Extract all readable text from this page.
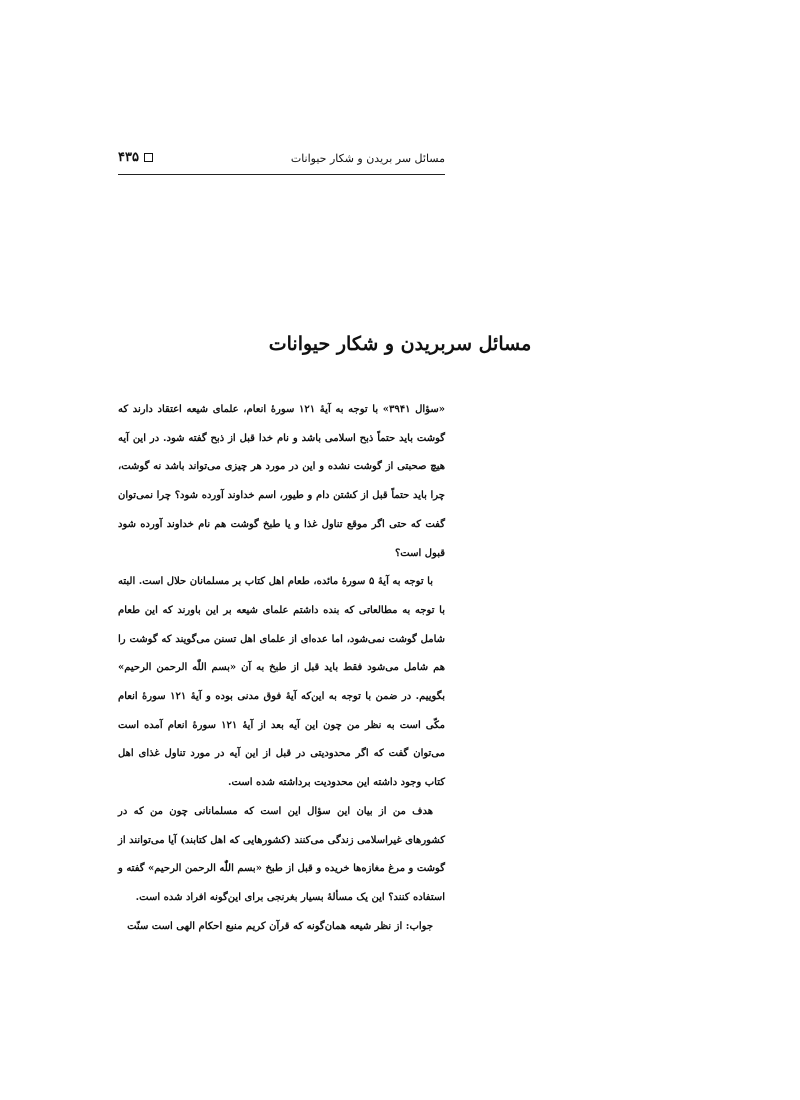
مسائل سر بریدن و شکار حیوانات
۴۳۵
مسائل سربریدن و شکار حیوانات

«سؤال ۳۹۴۱» با توجه به آیهٔ ۱۲۱ سورهٔ انعام، علمای شیعه اعتقاد دارند که گوشت باید حتماً ذبح اسلامی باشد و نام خدا قبل از ذبح گفته شود. در این آیه هیچ صحبتی از گوشت نشده و این در مورد هر چیزی می‌تواند باشد نه گوشت، چرا باید حتماً قبل از کشتن دام و طیور، اسم خداوند آورده شود؟ چرا نمی‌توان گفت که حتی اگر موقع تناول غذا و یا طبخ گوشت هم نام خداوند آورده شود قبول است؟

با توجه به آیهٔ ۵ سورهٔ مائده، طعام اهل کتاب بر مسلمانان حلال است. البته با توجه به مطالعاتی که بنده داشتم علمای شیعه بر این باورند که این طعام شامل گوشت نمی‌شود، اما عده‌ای از علمای اهل تسنن می‌گویند که گوشت را هم شامل می‌شود فقط باید قبل از طبخ به آن «بسم اللّٰه الرحمن الرحیم» بگوییم. در ضمن با توجه به این‌که آیهٔ فوق مدنی بوده و آیهٔ ۱۲۱ سورهٔ انعام مکّی است به نظر من چون این آیه بعد از آیهٔ ۱۲۱ سورهٔ انعام آمده است می‌توان گفت که اگر محدودیتی در قبل از این آیه در مورد تناول غذای اهل کتاب وجود داشته این محدودیت برداشته شده است.

هدف من از بیان این سؤال این است که مسلمانانی چون من که در کشورهای غیراسلامی زندگی می‌کنند (کشورهایی که اهل کتابند) آیا می‌توانند از گوشت و مرغ مغازه‌ها خریده و قبل از طبخ «بسم اللّٰه الرحمن الرحیم» گفته و استفاده کنند؟ این یک مسألهٔ بسیار بغرنجی برای این‌گونه افراد شده است.

جواب: از نظر شیعه همان‌گونه که قرآن کریم منبع احکام الهی است سنّت
